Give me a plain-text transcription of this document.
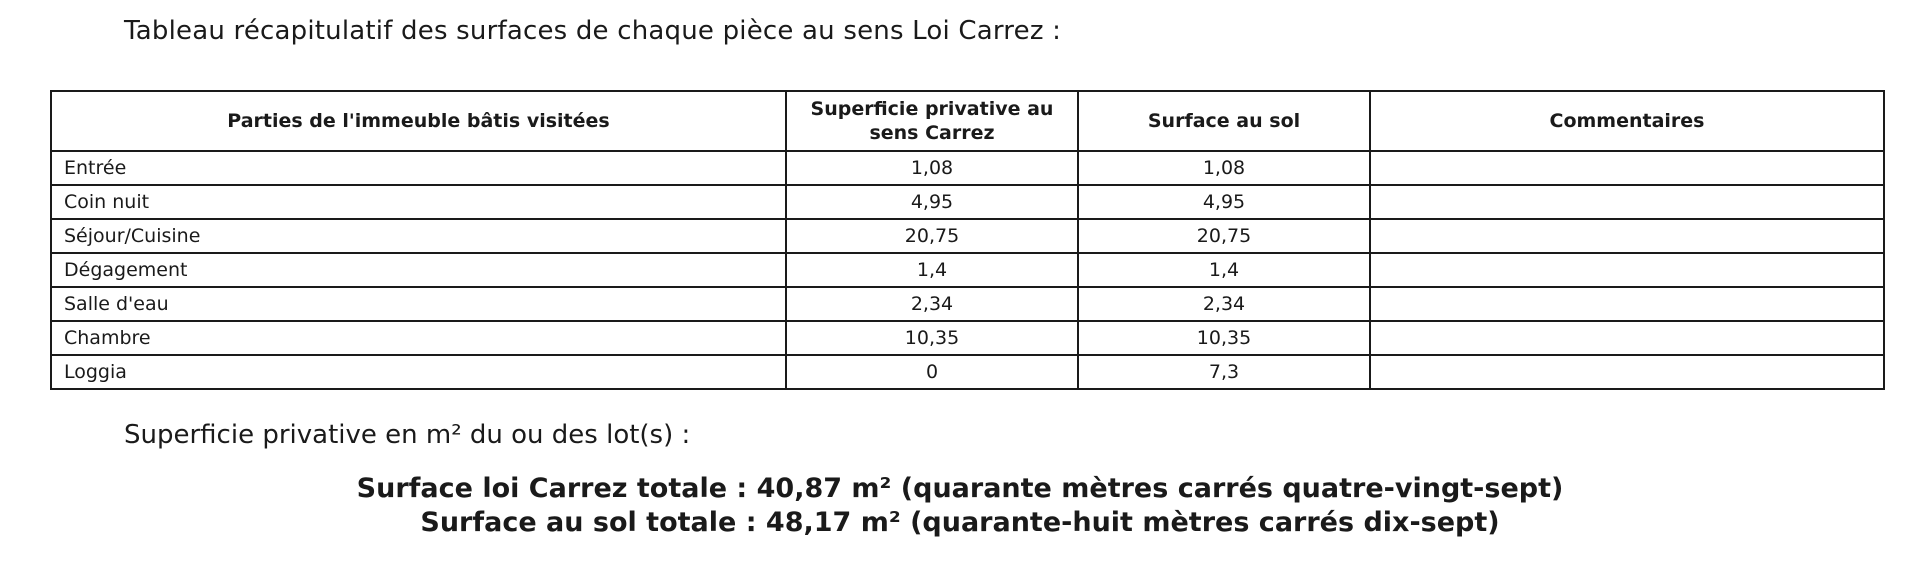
Tableau récapitulatif des surfaces de chaque pièce au sens Loi Carrez :
Parties de l'immeuble bâtis visitées	Superficie privative au sens Carrez	Surface au sol	Commentaires
Entrée	1,08	1,08	
Coin nuit	4,95	4,95	
Séjour/Cuisine	20,75	20,75	
Dégagement	1,4	1,4	
Salle d'eau	2,34	2,34	
Chambre	10,35	10,35	
Loggia	0	7,3	
Superficie privative en m² du ou des lot(s) :
Surface loi Carrez totale : 40,87 m² (quarante mètres carrés quatre-vingt-sept)
Surface au sol totale : 48,17 m² (quarante-huit mètres carrés dix-sept)
